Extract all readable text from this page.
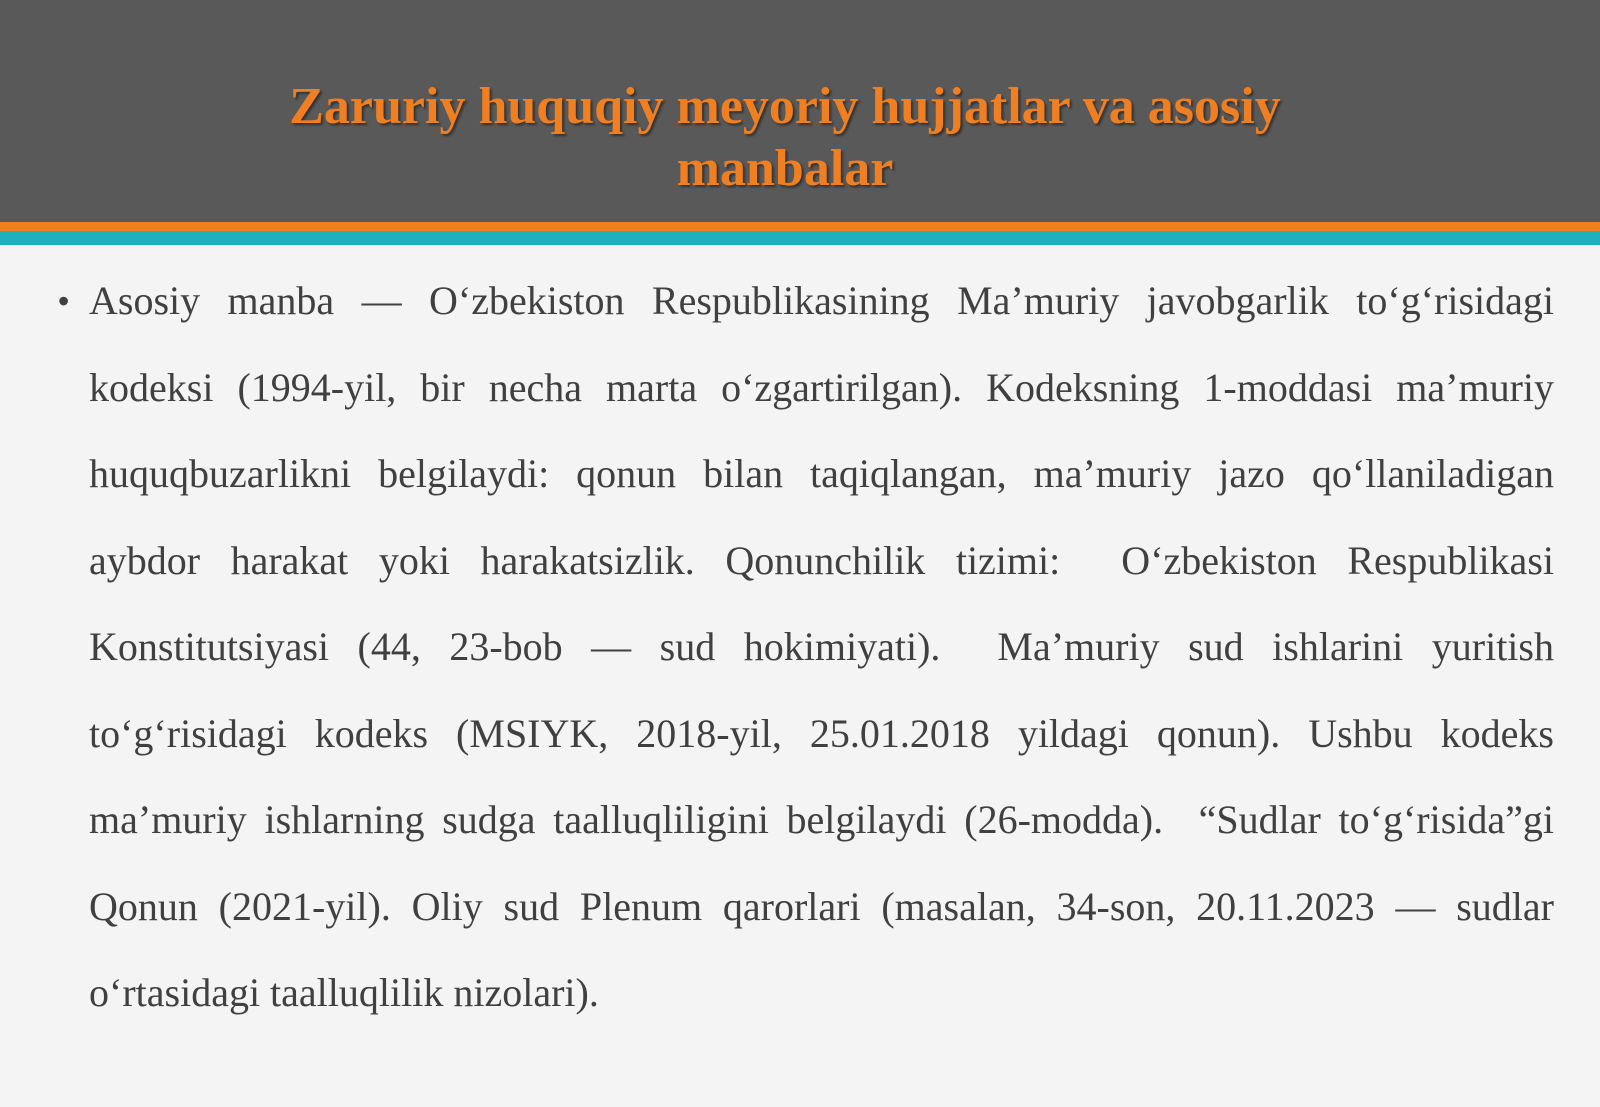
Zaruriy huquqiy meyoriy hujjatlar va asosiy manbalar
• Asosiy manba — O‘zbekiston Respublikasining Ma’muriy javobgarlik to‘g‘risidagi kodeksi (1994-yil, bir necha marta o‘zgartirilgan). Kodeksning 1-moddasi ma’muriy huquqbuzarlikni belgilaydi: qonun bilan taqiqlangan, ma’muriy jazo qo‘llaniladigan aybdor harakat yoki harakatsizlik. Qonunchilik tizimi:  O‘zbekiston Respublikasi Konstitutsiyasi (44, 23-bob — sud hokimiyati).  Ma’muriy sud ishlarini yuritish to‘g‘risidagi kodeks (MSIYK, 2018-yil, 25.01.2018 yildagi qonun). Ushbu kodeks ma’muriy ishlarning sudga taalluqliligini belgilaydi (26-modda).  “Sudlar to‘g‘risida”gi Qonun (2021-yil). Oliy sud Plenum qarorlari (masalan, 34-son, 20.11.2023 — sudlar o‘rtasidagi taalluqlilik nizolari).
